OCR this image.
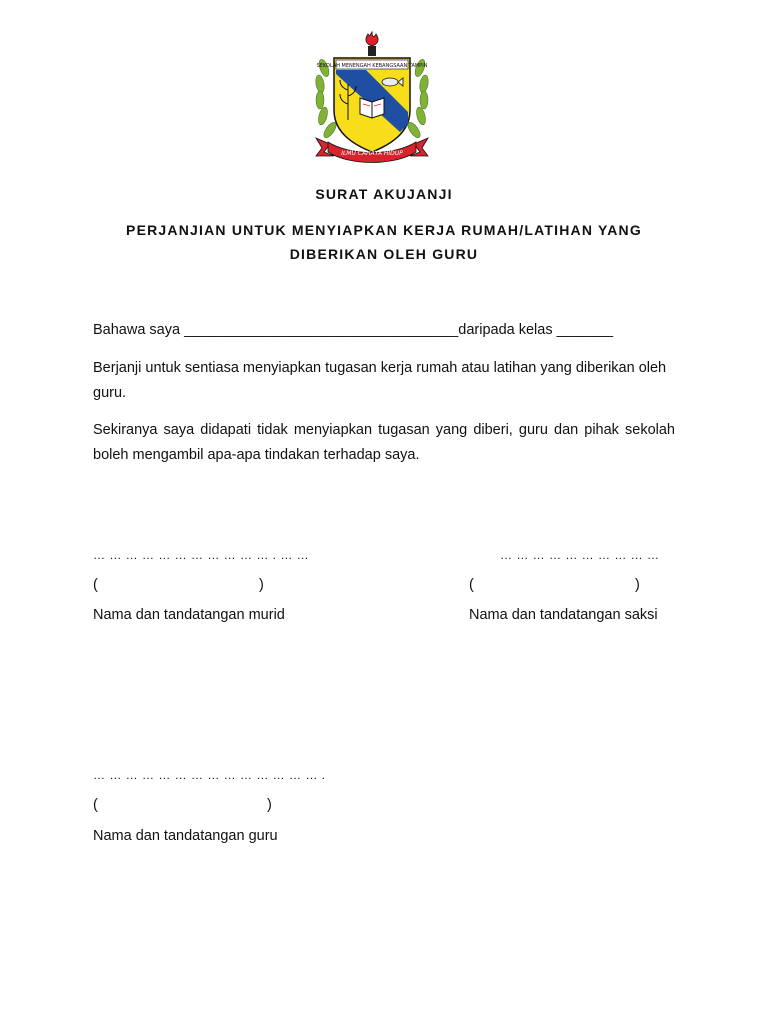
SEKOLAH MENENGAH KEBANGSAAN TAMPIN
ILMU CAHAYA HIDUP
SURAT AKUJANJI
PERJANJIAN UNTUK MENYIAPKAN KERJA RUMAH/LATIHAN YANG
DIBERIKAN OLEH GURU
Bahawa saya __________________________________daripada kelas _______
Berjanji untuk sentiasa menyiapkan tugasan kerja rumah atau latihan yang diberikan oleh guru.
Sekiranya saya didapati tidak menyiapkan tugasan yang diberi, guru dan pihak sekolah boleh mengambil apa-apa tindakan terhadap saya.
… … … … … … … … … … … . … …
(                                        )
Nama dan tandatangan murid
… … … … … … … … … …
(                                        )
Nama dan tandatangan saksi
… … … … … … … … … … … … … … .
(                                          )
Nama dan tandatangan guru
